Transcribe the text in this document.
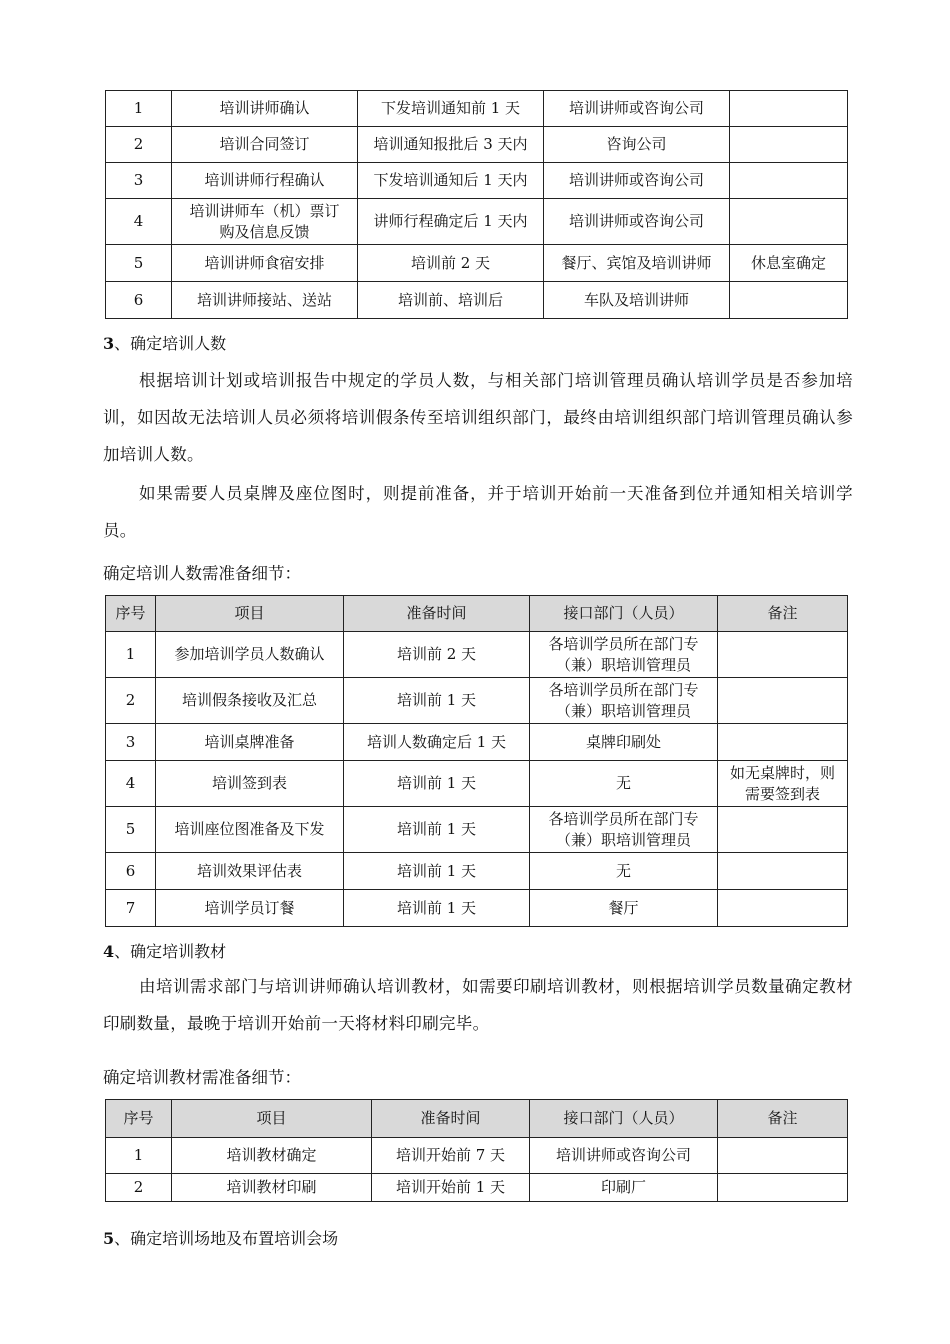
1	培训讲师确认	下发培训通知前 1 天	培训讲师或咨询公司	
2	培训合同签订	培训通知报批后 3 天内	咨询公司	
3	培训讲师行程确认	下发培训通知后 1 天内	培训讲师或咨询公司	
4	培训讲师车（机）票订购及信息反馈	讲师行程确定后 1 天内	培训讲师或咨询公司	
5	培训讲师食宿安排	培训前 2 天	餐厅、宾馆及培训讲师	休息室确定
6	培训讲师接站、送站	培训前、培训后	车队及培训讲师	
3、确定培训人数
根据培训计划或培训报告中规定的学员人数，与相关部门培训管理员确认培训学员是否参加培训，如因故无法培训人员必须将培训假条传至培训组织部门，最终由培训组织部门培训管理员确认参加培训人数。
如果需要人员桌牌及座位图时，则提前准备，并于培训开始前一天准备到位并通知相关培训学员。
确定培训人数需准备细节：
序号	项目	准备时间	接口部门（人员）	备注
1	参加培训学员人数确认	培训前 2 天	各培训学员所在部门专（兼）职培训管理员	
2	培训假条接收及汇总	培训前 1 天	各培训学员所在部门专（兼）职培训管理员	
3	培训桌牌准备	培训人数确定后 1 天	桌牌印刷处	
4	培训签到表	培训前 1 天	无	如无桌牌时，则需要签到表
5	培训座位图准备及下发	培训前 1 天	各培训学员所在部门专（兼）职培训管理员	
6	培训效果评估表	培训前 1 天	无	
7	培训学员订餐	培训前 1 天	餐厅	
4、确定培训教材
由培训需求部门与培训讲师确认培训教材，如需要印刷培训教材，则根据培训学员数量确定教材印刷数量，最晚于培训开始前一天将材料印刷完毕。
确定培训教材需准备细节：
序号	项目	准备时间	接口部门（人员）	备注
1	培训教材确定	培训开始前 7 天	培训讲师或咨询公司	
2	培训教材印刷	培训开始前 1 天	印刷厂	
5、确定培训场地及布置培训会场
